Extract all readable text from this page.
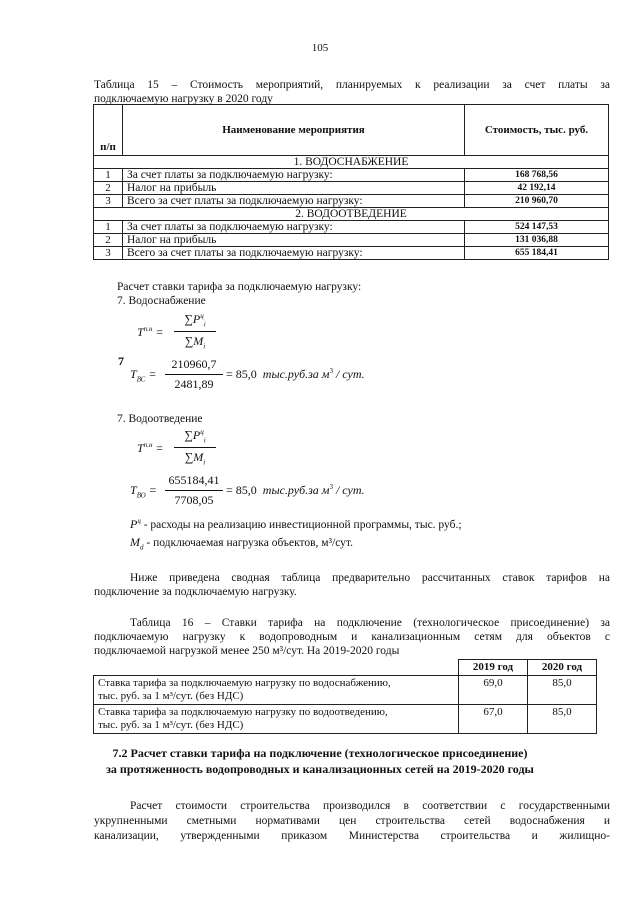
105
Таблица 15 – Стоимость мероприятий, планируемых к реализации за счет платы за
подключаемую нагрузку в 2020 году
п/п	Наименование мероприятия	Стоимость, тыс. руб.
1. ВОДОСНАБЖЕНИЕ		
1	За счет платы за подключаемую нагрузку:	168 768,56
2	Налог на прибыль	42 192,14
3	Всего за счет платы за подключаемую нагрузку:	210 960,70
2. ВОДООТВЕДЕНИЕ		
1	За счет платы за подключаемую нагрузку:	524 147,53
2	Налог на прибыль	131 036,88
3	Всего за счет платы за подключаемую нагрузку:	655 184,41
Расчет ставки тарифа за подключаемую нагрузку:
7. Водоснабжение
$T^{п.н}$ =
$\sum P^ц_i$
$\sum M_i$
7
$T_{ВС}$ =
210960,7
2481,89
= 85,0 тыс.руб.за $м^3$ / сут.
7. Водоотведение
$T^{п.н}$ =
$\sum P^ц_i$
$\sum M_i$
$T_{ВО}$ =
655184,41
7708,05
= 85,0 тыс.руб.за $м^3$ / сут.
$P^ц$ - расходы на реализацию инвестиционной программы, тыс. руб.;
$M_d$ - подключаемая нагрузка объектов, м³/сут.
Ниже приведена сводная таблица предварительно рассчитанных ставок тарифов на
подключение за подключаемую нагрузку.
Таблица 16 – Ставки тарифа на подключение (технологическое присоединение) за
подключаемую нагрузку к водопроводным и канализационным сетям для объектов с
подключаемой нагрузкой менее 250 м³/сут. На 2019-2020 годы
	2019 год	2020 год
Ставка тарифа за подключаемую нагрузку по водоснабжению,
тыс. руб. за 1 м³/сут. (без НДС)	69,0	85,0
Ставка тарифа за подключаемую нагрузку по водоотведению,
тыс. руб. за 1 м³/сут. (без НДС)	67,0	85,0
7.2 Расчет ставки тарифа на подключение (технологическое присоединение)
за протяженность водопроводных и канализационных сетей на 2019-2020 годы
Расчет стоимости строительства производился в соответствии с государственными
укрупненными сметными нормативами цен строительства сетей водоснабжения и
канализации, утвержденными приказом Министерства строительства и жилищно-
